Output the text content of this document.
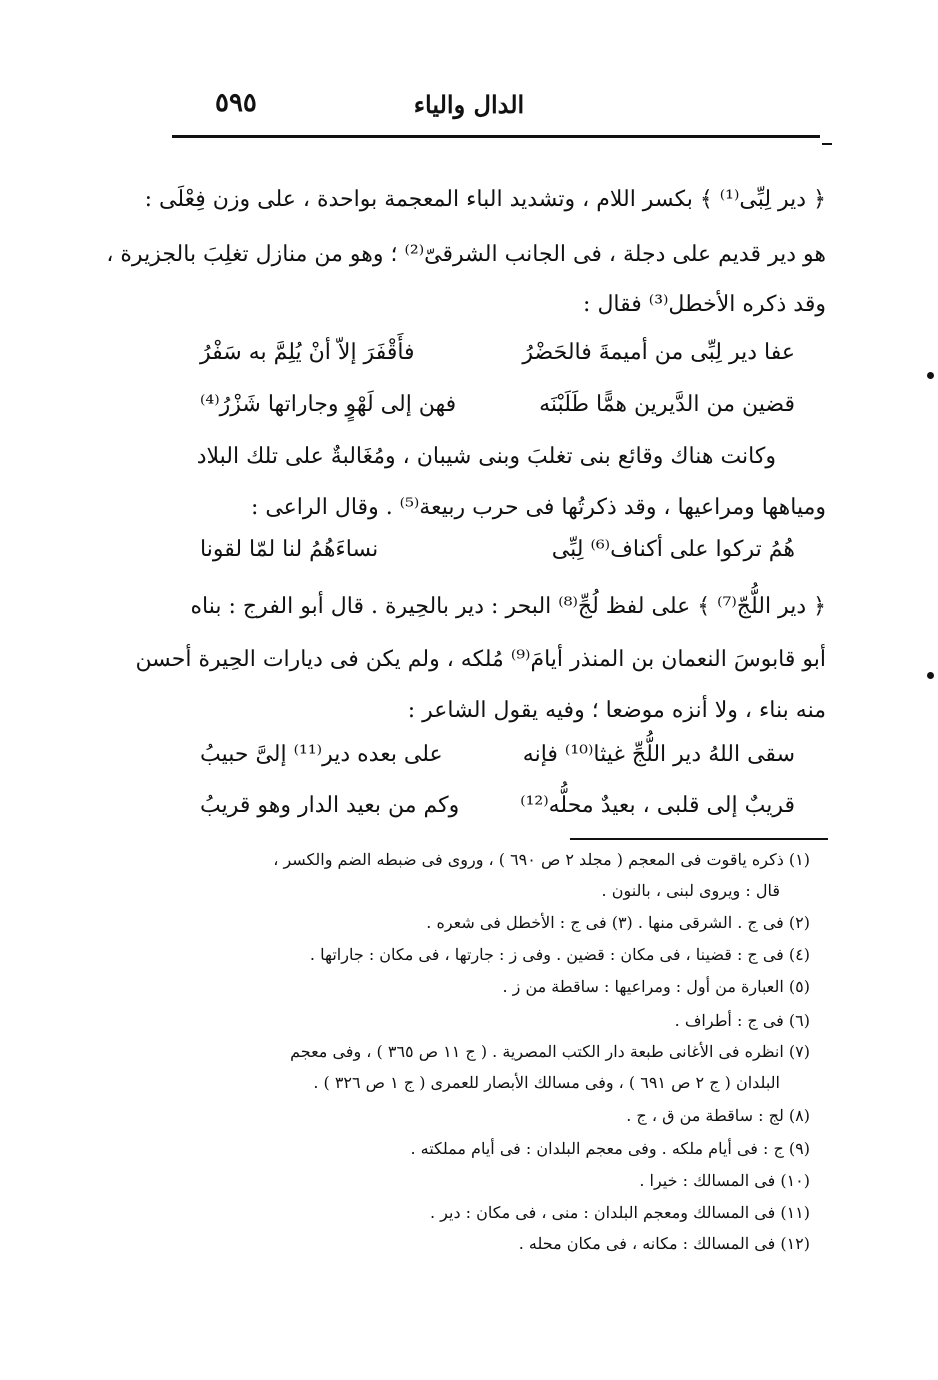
الدال والياء
٥٩٥
﴿ دير لِبِّى⁽¹⁾ ﴾ بكسر اللام ، وتشديد الباء المعجمة بواحدة ، على وزن فِعْلَى :
هو دير قديم على دجلة ، فى الجانب الشرقىّ⁽²⁾ ؛ وهو من منازل تغلِبَ بالجزيرة ،
وقد ذكره الأخطل⁽³⁾ فقال :
عفا دير لِبِّى من أميمةَ فالحَضْرُ
فأَقْفَرَ إلاّ أنْ يُلِمَّ به سَفْرُ
قضين من الدَّيرين همًّا طَلَبْنَه
فهن إلى لَهْوٍ وجاراتها شَزْرُ⁽⁴⁾
وكانت هناك وقائع بنى تغلبَ وبنى شيبان ، ومُغَالبةٌ على تلك البلاد
ومياهها ومراعيها ، وقد ذكرتُها فى حرب ربيعة⁽⁵⁾ . وقال الراعى :
هُمُ تركوا على أكناف⁽⁶⁾ لِبِّى
نساءَهُمُ لنا لمّا لقونا
﴿ دير اللُّجّ⁽⁷⁾ ﴾ على لفظ لُجِّ⁽⁸⁾ البحر : دير بالحِيرة . قال أبو الفرج : بناه
أبو قابوسَ النعمان بن المنذر أيامَ⁽⁹⁾ مُلكه ، ولم يكن فى ديارات الحِيرة أحسن
منه بناء ، ولا أنزه موضعا ؛ وفيه يقول الشاعر :
سقى اللهُ دير اللُّجِّ غيثا⁽¹⁰⁾ فإنه
على بعده دير⁽¹¹⁾ إلىَّ حبيبُ
قريبٌ إلى قلبى ، بعيدٌ محلُّه⁽¹²⁾
وكم من بعيد الدار وهو قريبُ
(١) ذكره ياقوت فى المعجم ( مجلد ٢ ص ٦٩٠ ) ، وروى فى ضبطه الضم والكسر ،
قال : ويروى لبنى ، بالنون .
(٢) فى ج . الشرقى منها . (٣) فى ج : الأخطل فى شعره .
(٤) فى ج : قضينا ، فى مكان : قضين . وفى ز : جارتها ، فى مكان : جاراتها .
(٥) العبارة من أول : ومراعيها : ساقطة من ز .
(٦) فى ج : أطراف .
(٧) انظره فى الأغانى طبعة دار الكتب المصرية . ( ج ١١ ص ٣٦٥ ) ، وفى معجم
البلدان ( ج ٢ ص ٦٩١ ) ، وفى مسالك الأبصار للعمرى ( ج ١ ص ٣٢٦ ) .
(٨) لج : ساقطة من ق ، ج .
(٩) ج : فى أيام ملكه . وفى معجم البلدان : فى أيام مملكته .
(١٠) فى المسالك : خيرا .
(١١) فى المسالك ومعجم البلدان : منى ، فى مكان : دير .
(١٢) فى المسالك : مكانه ، فى مكان محله .
